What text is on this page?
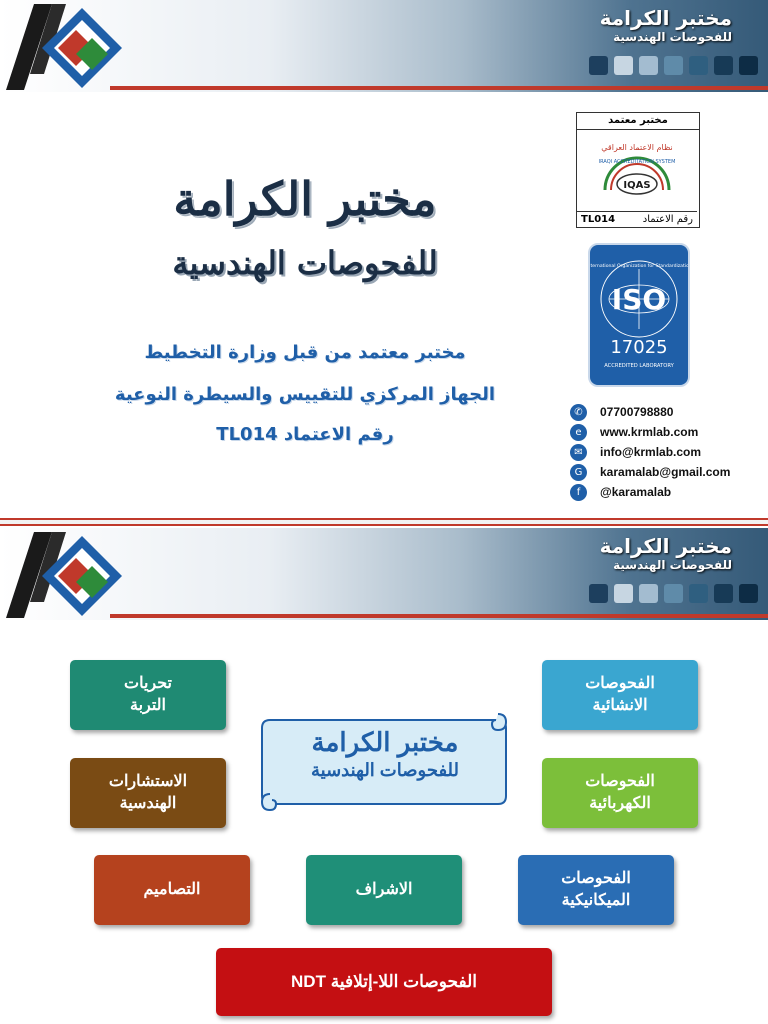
مختبر الكرامة
للفحوصات الهندسية
مختبر الكرامة
للفحوصات الهندسية
مختبر معتمد من قبل وزارة التخطيط
الجهاز المركزي للتقييس والسيطرة النوعية
رقم الاعتماد TL014
مختبر معتمد
نظام الاعتماد العراقي
IRAQI ACCREDITATION SYSTEM
IQAS
TL014	رقم الاعتماد
International Organization for Standardization
ISO
17025
ACCREDITED LABORATORY
✆	07700798880
e	www.krmlab.com
✉	info@krmlab.com
G	karamalab@gmail.com
f	@karamalab
مختبر الكرامة
للفحوصات الهندسية
تحريات
التربة
الاستشارات
الهندسية
الفحوصات
الانشائية
الفحوصات
الكهربائية
التصاميم	الاشراف
الفحوصات
الميكانيكية
الفحوصات اللا-إتلافية NDT
مختبر الكرامة
للفحوصات الهندسية
